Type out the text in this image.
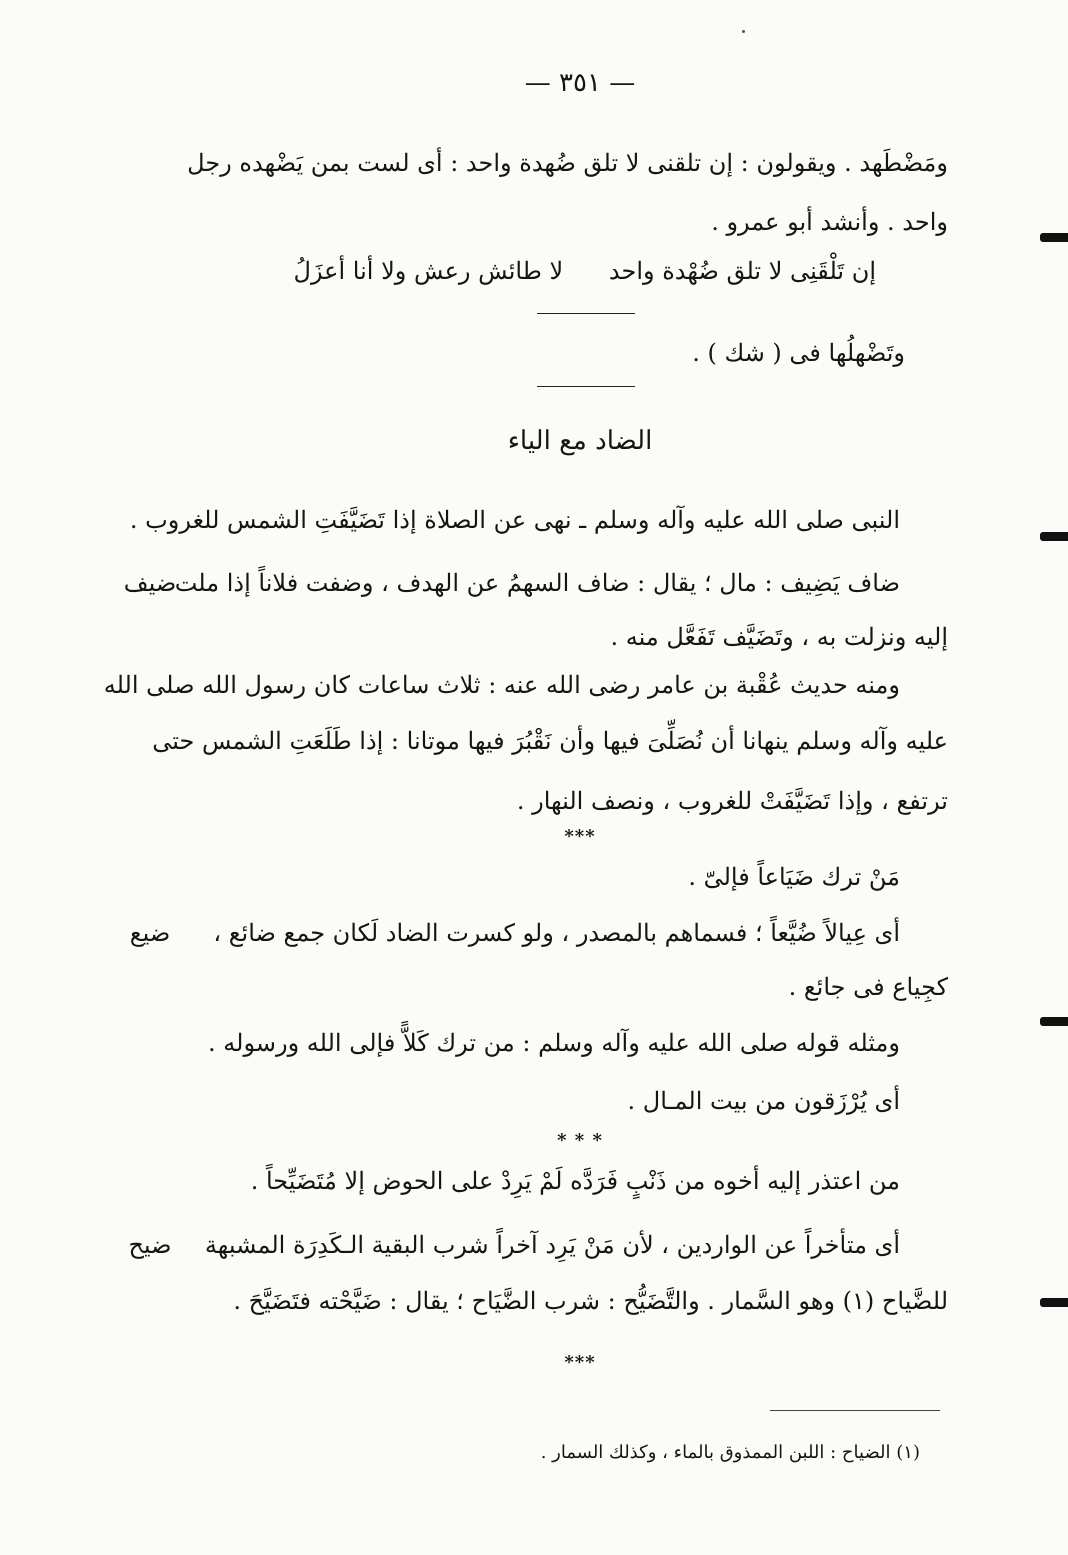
— ٣٥١ —
ومَضْطَهد . ويقولون : إن تلقنى لا تلق ضُهدة واحد : أى لست بمن يَضْهده رجل
واحد . وأنشد أبو عمرو .
إن تَلْقَنِى لا تلق ضُهْدة واحد      لا طائش رعش ولا أنا أعزَلُ
وتَضْهلُها فى ( شك ) .
الضاد مع الياء
النبى صلى الله عليه وآله وسلم ـ نهى عن الصلاة إذا تَضَيَّفَتِ الشمس للغروب .
ضيف
ضاف يَضِيف : مال ؛ يقال : ضاف السهمُ عن الهدف ، وضفت فلاناً إذا ملت
إليه ونزلت به ، وتَضَيَّف تَفَعَّل منه .
ومنه حديث عُقْبة بن عامر رضى الله عنه : ثلاث ساعات كان رسول الله صلى الله
عليه وآله وسلم ينهانا أن نُصَلِّىَ فيها وأن نَقْبُرَ فيها موتانا : إذا طَلَعَتِ الشمس حتى
ترتفع ، وإذا تَضَيَّفَتْ للغروب ، ونصف النهار .
***
مَنْ ترك ضَيَاعاً فإلىّ .
ضيع	أى عِيالاً ضُيَّعاً ؛ فسماهم بالمصدر ، ولو كسرت الضاد لَكان جمع ضائع ،
كجِياع فى جائع .
ومثله قوله صلى الله عليه وآله وسلم : من ترك كَلاًّ فإلى الله ورسوله .
أى يُرْزَقون من بيت المـال .
* * *
من اعتذر إليه أخوه من ذَنْبٍ فَرَدَّه لَمْ يَرِدْ على الحوض إلا مُتَضَيِّحاً .
ضيح	أى متأخراً عن الواردين ، لأن مَنْ يَرِد آخراً شرب البقية الـكَدِرَة المشبهة
للضَّياح (١) وهو السَّمار . والتَّضَيُّح : شرب الضَّيَاح ؛ يقال : ضَيَّحْته فتَضَيَّحَ .
***
(١) الضياح : اللبن الممذوق بالماء ، وكذلك السمار .
